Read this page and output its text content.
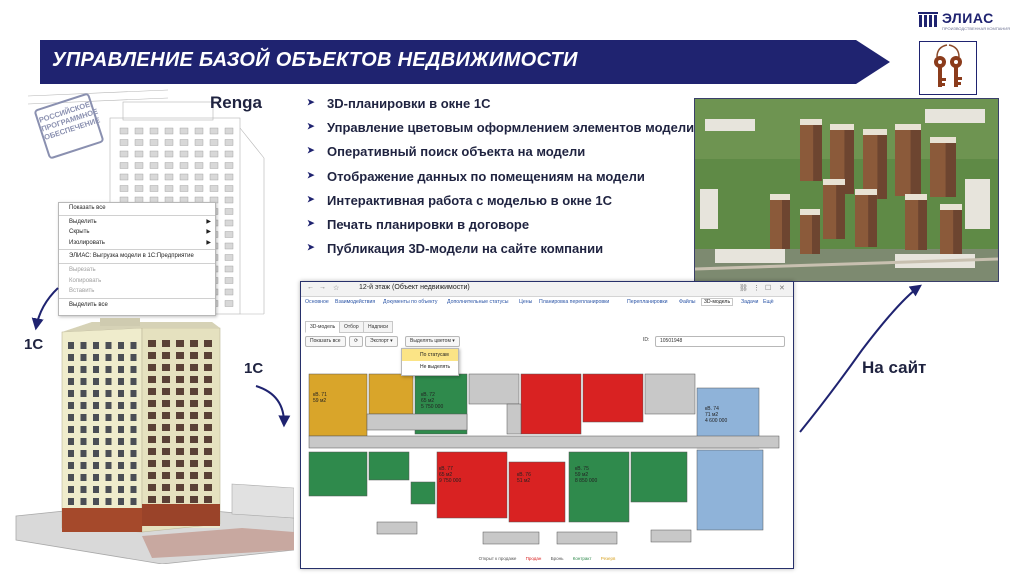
УПРАВЛЕНИЕ БАЗОЙ ОБЪЕКТОВ НЕДВИЖИМОСТИ
ЭЛИАС
ПРОИЗВОДСТВЕННАЯ КОМПАНИЯ
➤ 3D-планировки в окне 1С
➤ Управление цветовым оформлением элементов модели
➤ Оперативный поиск объекта на модели
➤ Отображение данных по помещениям на модели
➤ Интерактивная работа с моделью в окне 1С
➤ Печать планировки в договоре
➤ Публикация 3D-модели на сайте компании
Renga
РОССИЙСКОЕ ПРОГРАММНОЕ ОБЕСПЕЧЕНИЕ
Показать все
Выделить	▶
Скрыть	▶
Изолировать	▶
ЭЛИАС: Выгрузка модели в 1С:Предприятие
Вырезать
Копировать
Вставить
Выделить все
1С
1С	На сайт
← → ☆	12-й этаж (Объект недвижимости)	⛓ ⋮ ☐ ✕
Основное Взаимодействия Документы по объекту Дополнительные статусы Цены Планировка перепланировки	Перепланировки Файлы	3D-модель	Задачи Ещё
3D-модель	Отбор	Надписи
Показать все	⟳	Экспорт ▾	Выделять цветом ▾	ID:	10501948
По статусам
Не выделять
кВ. 71
59 м2
кВ. 72
65 м2
5 750 000	кВ. 74
71 м2
4 600 000
кВ. 77
65 м2
9 750 000
кВ. 76
51 м2
кВ. 75
59 м2
8 850 000
Открыт к продаже Продан Бронь Контракт Резерв
